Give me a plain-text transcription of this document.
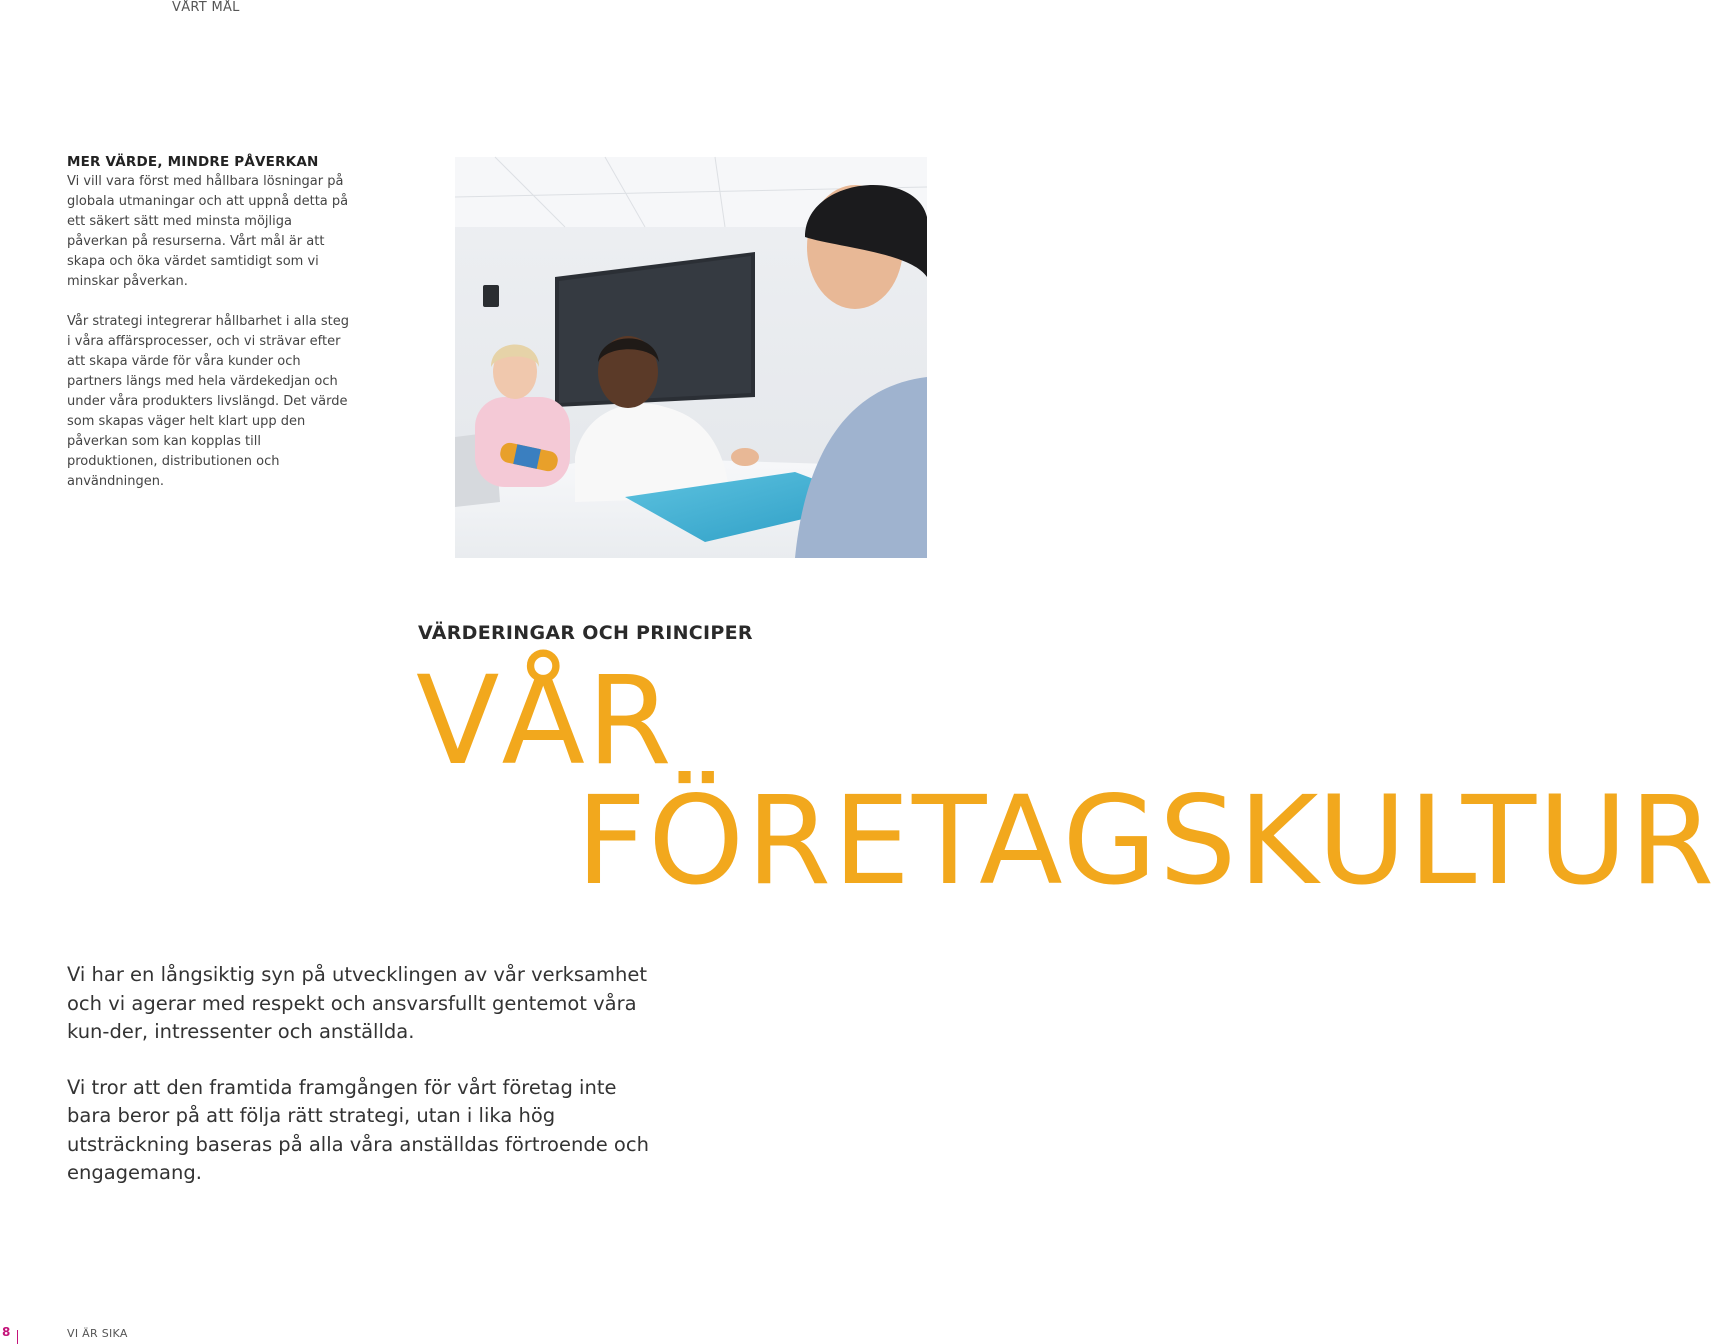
VÅRT MÅL
MER VÄRDE, MINDRE PÅVERKAN

Vi vill vara först med hållbara lösningar på globala utmaningar och att uppnå detta på ett säkert sätt med minsta möjliga påverkan på resurserna. Vårt mål är att skapa och öka värdet samtidigt som vi minskar påverkan.

Vår strategi integrerar hållbarhet i alla steg i våra affärsprocesser, och vi strävar efter att skapa värde för våra kunder och partners längs med hela värdekedjan och under våra produkters livslängd. Det värde som skapas väger helt klart upp den påverkan som kan kopplas till produktionen, distributionen och användningen.

VÄRDERINGAR OCH PRINCIPER
VÅR
FÖRETAGSKULTUR

Vi har en långsiktig syn på utvecklingen av vår verksamhet och vi agerar med respekt och ansvarsfullt gentemot våra kun-der, intressenter och anställda.

Vi tror att den framtida framgången för vårt företag inte bara beror på att följa rätt strategi, utan i lika hög utsträckning baseras på alla våra anställdas förtroende och engagemang.

8	VI ÄR SIKA
